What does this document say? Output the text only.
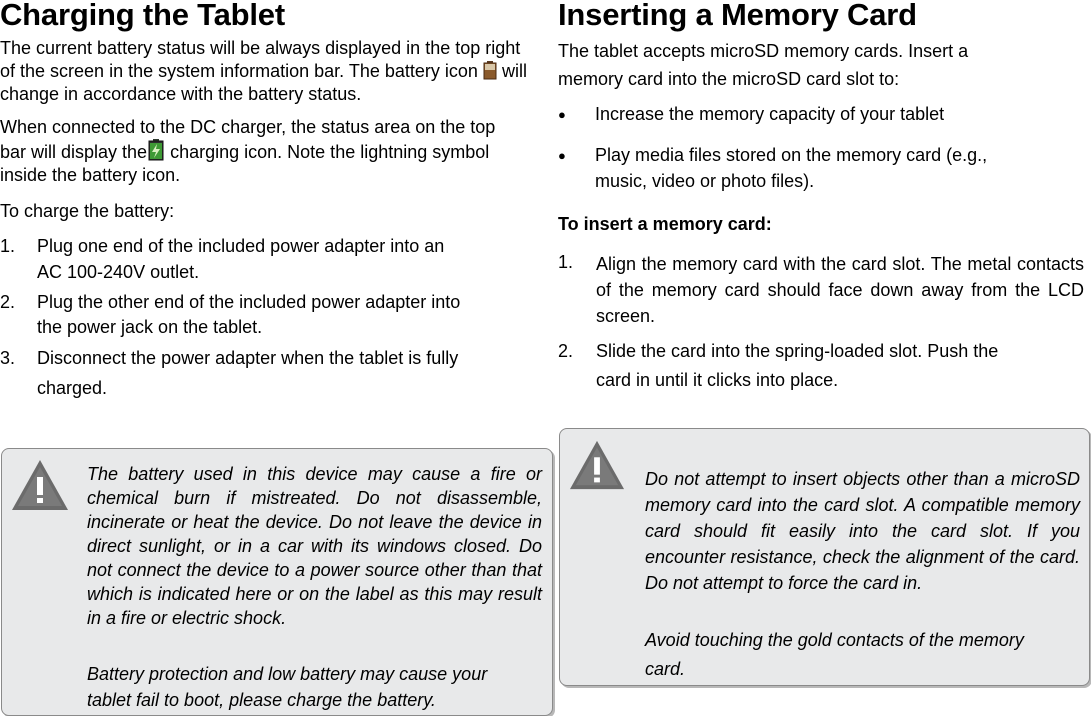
Charging the Tablet

The current battery status will be always displayed in the top right of the screen in the system information bar. The battery icon will change in accordance with the battery status.

When connected to the DC charger, the status area on the top bar will display the charging icon. Note the lightning symbol inside the battery icon.

To charge the battery:

1.	Plug one end of the included power adapter into an
AC 100-240V outlet.
2.	Plug the other end of the included power adapter into
the power jack on the tablet.
3.	Disconnect the power adapter when the tablet is fully
charged.

The battery used in this device may cause a fire or chemical burn if mistreated. Do not disassemble, incinerate or heat the device. Do not leave the device in direct sunlight, or in a car with its windows closed. Do not connect the device to a power source other than that which is indicated here or on the label as this may result in a fire or electric shock.

Battery protection and low battery may cause your

tablet fail to boot, please charge the battery.

Inserting a Memory Card

The tablet accepts microSD memory cards. Insert a

memory card into the microSD card slot to:

●	Increase the memory capacity of your tablet
●	Play media files stored on the memory card (e.g.,
music, video or photo files).

To insert a memory card:

1.	Align the memory card with the card slot. The metal contacts of the memory card should face down away from the LCD screen.
2.	Slide the card into the spring-loaded slot. Push the
card in until it clicks into place.

Do not attempt to insert objects other than a microSD memory card into the card slot. A compatible memory card should fit easily into the card slot. If you encounter resistance, check the alignment of the card. Do not attempt to force the card in.

Avoid touching the gold contacts of the memory

card.
